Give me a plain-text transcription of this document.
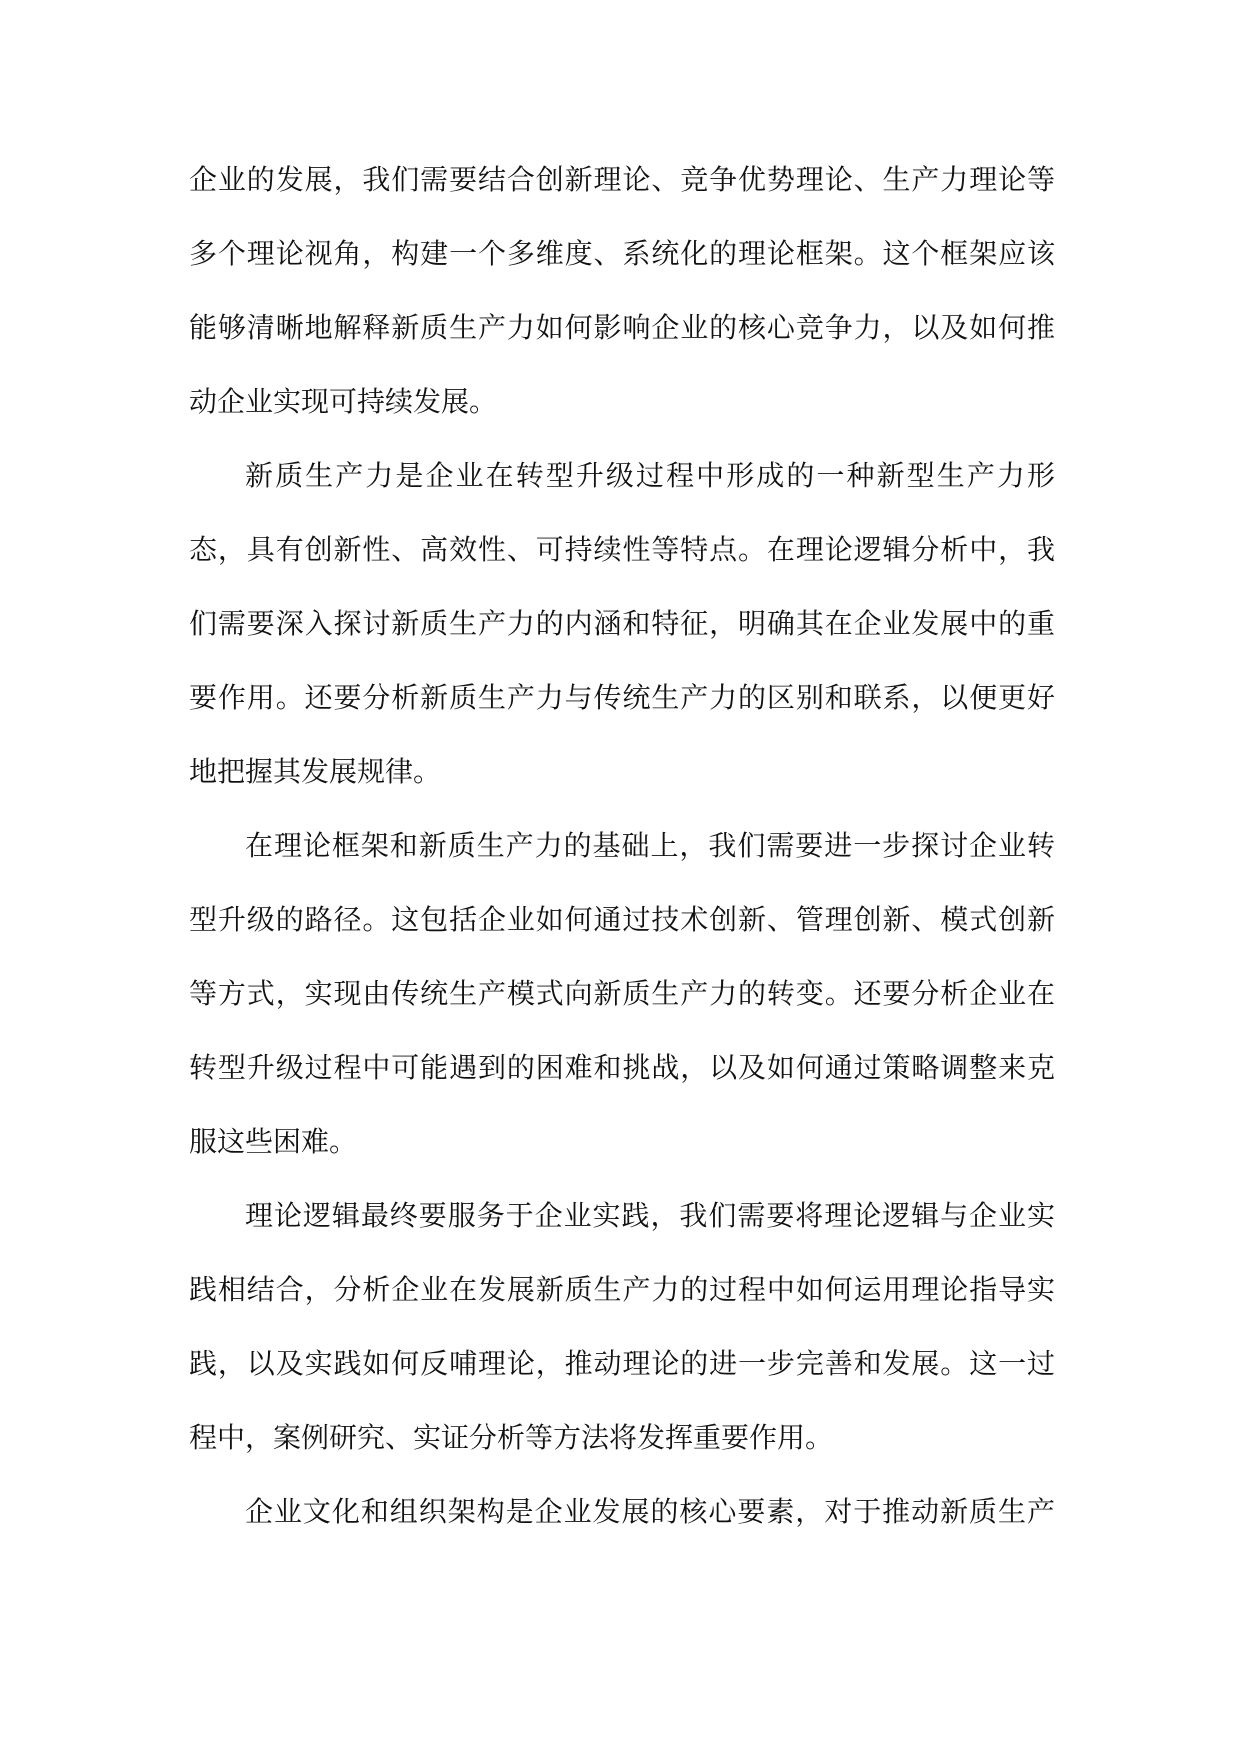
企业的发展，我们需要结合创新理论、竞争优势理论、生产力理论等
多个理论视角，构建一个多维度、系统化的理论框架。这个框架应该
能够清晰地解释新质生产力如何影响企业的核心竞争力，以及如何推
动企业实现可持续发展。

新质生产力是企业在转型升级过程中形成的一种新型生产力形
态，具有创新性、高效性、可持续性等特点。在理论逻辑分析中，我
们需要深入探讨新质生产力的内涵和特征，明确其在企业发展中的重
要作用。还要分析新质生产力与传统生产力的区别和联系，以便更好
地把握其发展规律。

在理论框架和新质生产力的基础上，我们需要进一步探讨企业转
型升级的路径。这包括企业如何通过技术创新、管理创新、模式创新
等方式，实现由传统生产模式向新质生产力的转变。还要分析企业在
转型升级过程中可能遇到的困难和挑战，以及如何通过策略调整来克
服这些困难。

理论逻辑最终要服务于企业实践，我们需要将理论逻辑与企业实
践相结合，分析企业在发展新质生产力的过程中如何运用理论指导实
践，以及实践如何反哺理论，推动理论的进一步完善和发展。这一过
程中，案例研究、实证分析等方法将发挥重要作用。

企业文化和组织架构是企业发展的核心要素，对于推动新质生产
